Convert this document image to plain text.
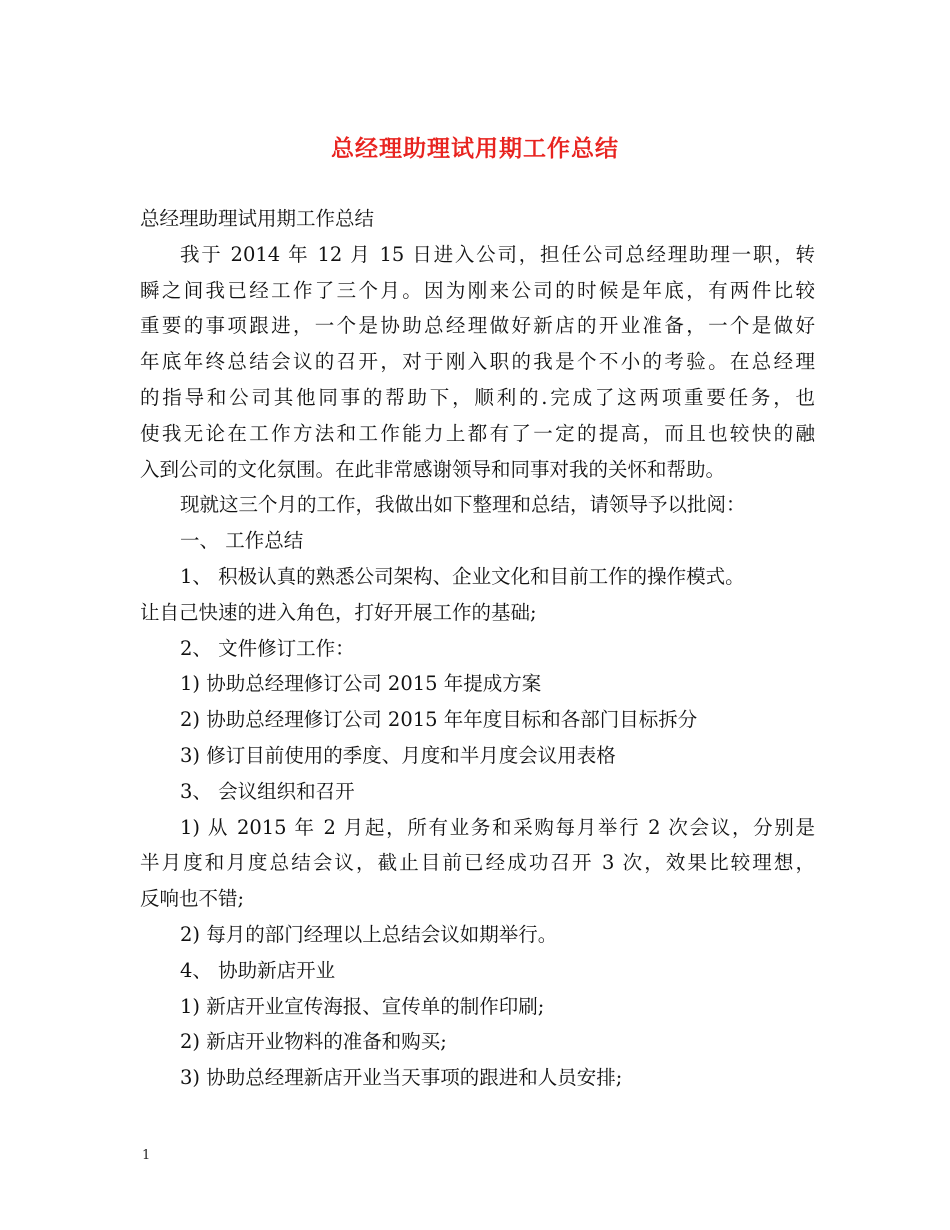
总经理助理试用期工作总结
总经理助理试用期工作总结
我于 2014 年 12 月 15 日进入公司，担任公司总经理助理一职，转
瞬之间我已经工作了三个月。因为刚来公司的时候是年底，有两件比较
重要的事项跟进，一个是协助总经理做好新店的开业准备，一个是做好
年底年终总结会议的召开，对于刚入职的我是个不小的考验。在总经理
的指导和公司其他同事的帮助下，顺利的.完成了这两项重要任务，也
使我无论在工作方法和工作能力上都有了一定的提高，而且也较快的融
入到公司的文化氛围。在此非常感谢领导和同事对我的关怀和帮助。
现就这三个月的工作，我做出如下整理和总结，请领导予以批阅：
一、 工作总结
1、 积极认真的熟悉公司架构、企业文化和目前工作的操作模式。
让自己快速的进入角色，打好开展工作的基础;
2、 文件修订工作：
1) 协助总经理修订公司 2015 年提成方案
2) 协助总经理修订公司 2015 年年度目标和各部门目标拆分
3) 修订目前使用的季度、月度和半月度会议用表格
3、 会议组织和召开
1) 从 2015 年 2 月起，所有业务和采购每月举行 2 次会议，分别是
半月度和月度总结会议，截止目前已经成功召开 3 次，效果比较理想，
反响也不错;
2) 每月的部门经理以上总结会议如期举行。
4、 协助新店开业
1) 新店开业宣传海报、宣传单的制作印刷;
2) 新店开业物料的准备和购买;
3) 协助总经理新店开业当天事项的跟进和人员安排;
1
